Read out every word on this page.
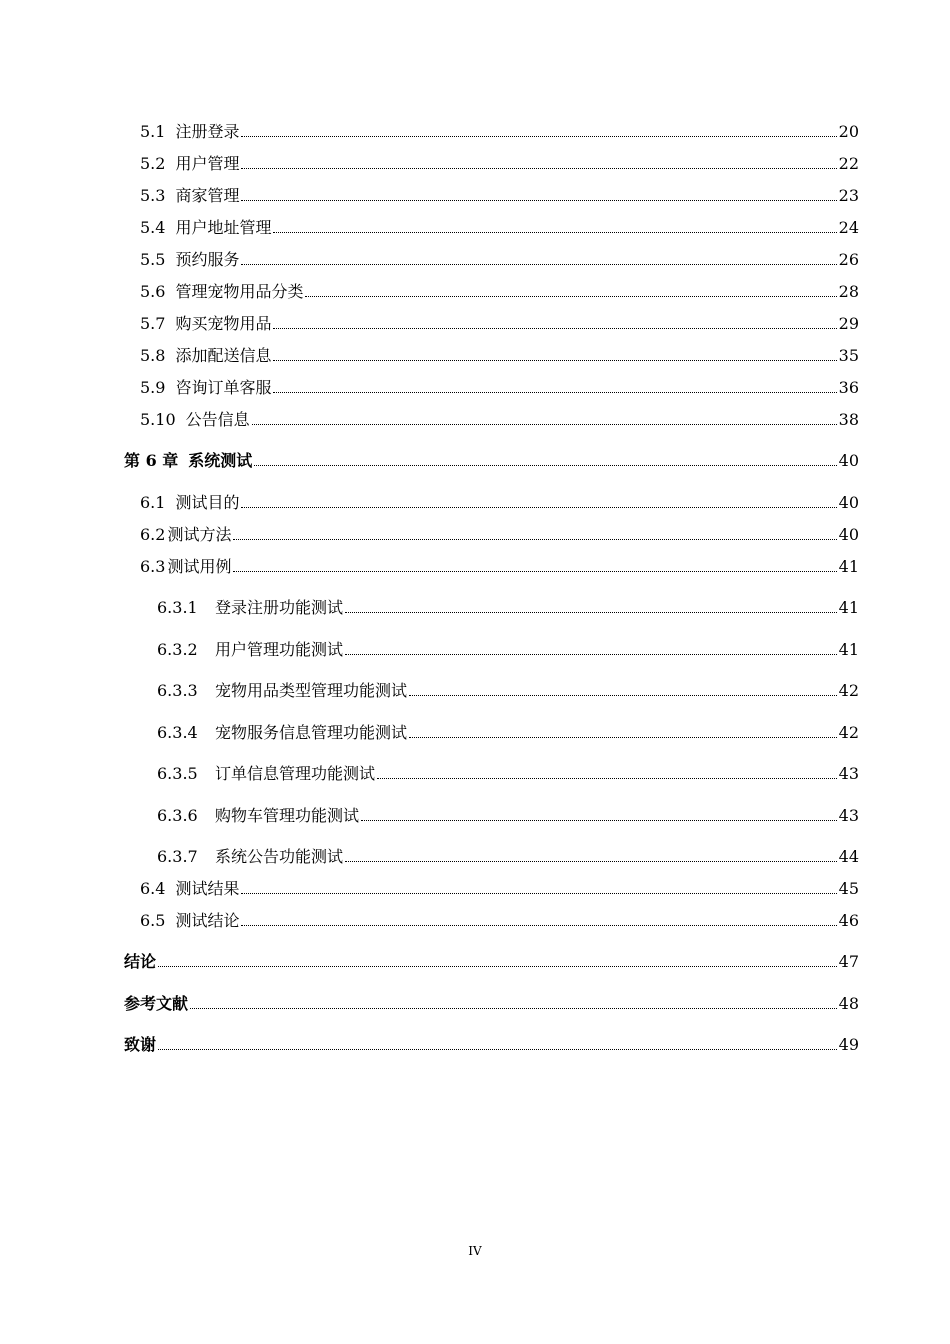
5.1 注册登录	20
5.2 用户管理	22
5.3 商家管理	23
5.4 用户地址管理	24
5.5 预约服务	26
5.6 管理宠物用品分类	28
5.7 购买宠物用品	29
5.8 添加配送信息	35
5.9 咨询订单客服	36
5.10 公告信息	38
第 6 章 系统测试	40
6.1 测试目的	40
6.2 测试方法	40
6.3 测试用例	41
6.3.1	登录注册功能测试	41
6.3.2	用户管理功能测试	41
6.3.3	宠物用品类型管理功能测试	42
6.3.4	宠物服务信息管理功能测试	42
6.3.5	订单信息管理功能测试	43
6.3.6	购物车管理功能测试	43
6.3.7	系统公告功能测试	44
6.4 测试结果	45
6.5 测试结论	46
结论	47
参考文献	48
致谢	49
IV
